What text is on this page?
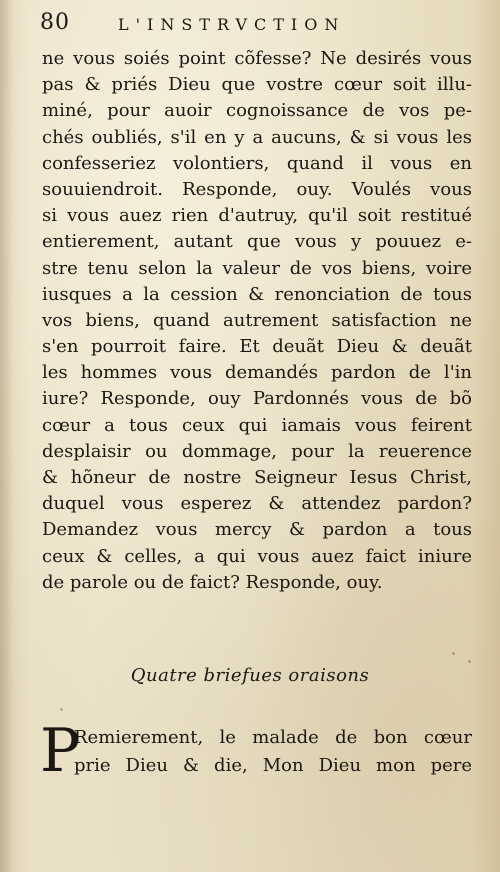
80	L'INSTRVCTION
ne vous soiés point cõfesse? Ne desirés vous
pas & priés Dieu que vostre cœur soit illu-
miné, pour auoir cognoissance de vos pe-
chés oubliés, s'il en y a aucuns, & si vous les
confesseriez volontiers, quand il vous en
souuiendroit. Responde, ouy. Voulés vous
si vous auez rien d'autruy, qu'il soit restitué
entierement, autant que vous y pouuez e-
stre tenu selon la valeur de vos biens, voire
iusques a la cession & renonciation de tous
vos biens, quand autrement satisfaction ne
s'en pourroit faire. Et deuãt Dieu & deuãt
les hommes vous demandés pardon de l'in
iure? Responde, ouy Pardonnés vous de bõ
cœur a tous ceux qui iamais vous feirent
desplaisir ou dommage, pour la reuerence
& hõneur de nostre Seigneur Iesus Christ,
duquel vous esperez & attendez pardon?
Demandez vous mercy & pardon a tous
ceux & celles, a qui vous auez faict iniure
de parole ou de faict? Responde, ouy.
Quatre briefues oraisons
P
Remierement, le malade de bon cœur
prie Dieu & die, Mon Dieu mon pere
